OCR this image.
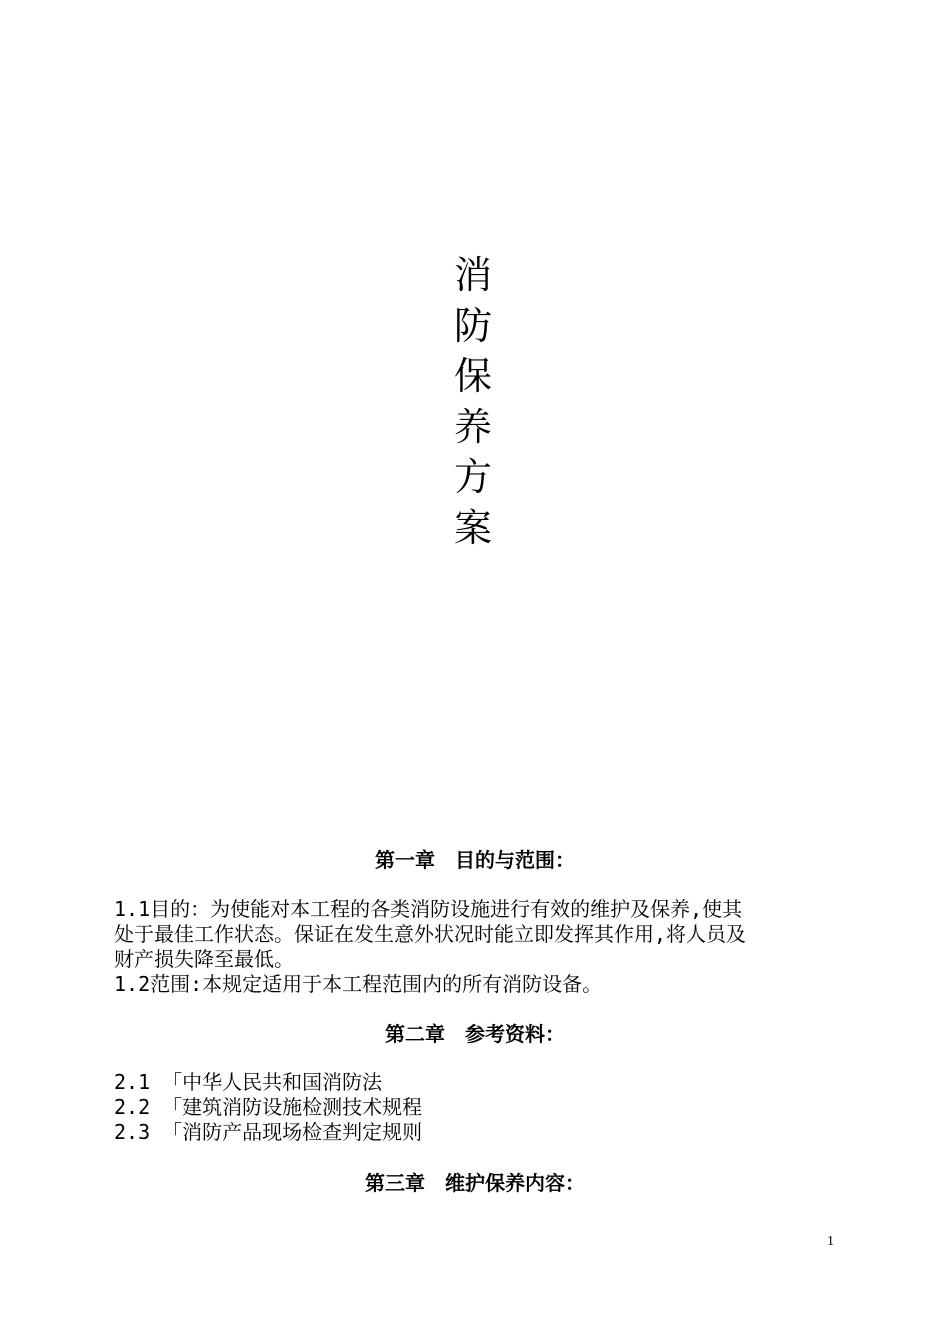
消
防
保
养
方
案
第一章　目的与范围：
1.1目的：为使能对本工程的各类消防设施进行有效的维护及保养,使其
处于最佳工作状态。保证在发生意外状况时能立即发挥其作用,将人员及
财产损失降至最低。
1.2范围:本规定适用于本工程范围内的所有消防设备。
第二章　参考资料：
2.1 「中华人民共和国消防法
2.2 「建筑消防设施检测技术规程
2.3 「消防产品现场检查判定规则
第三章　维护保养内容：
1
